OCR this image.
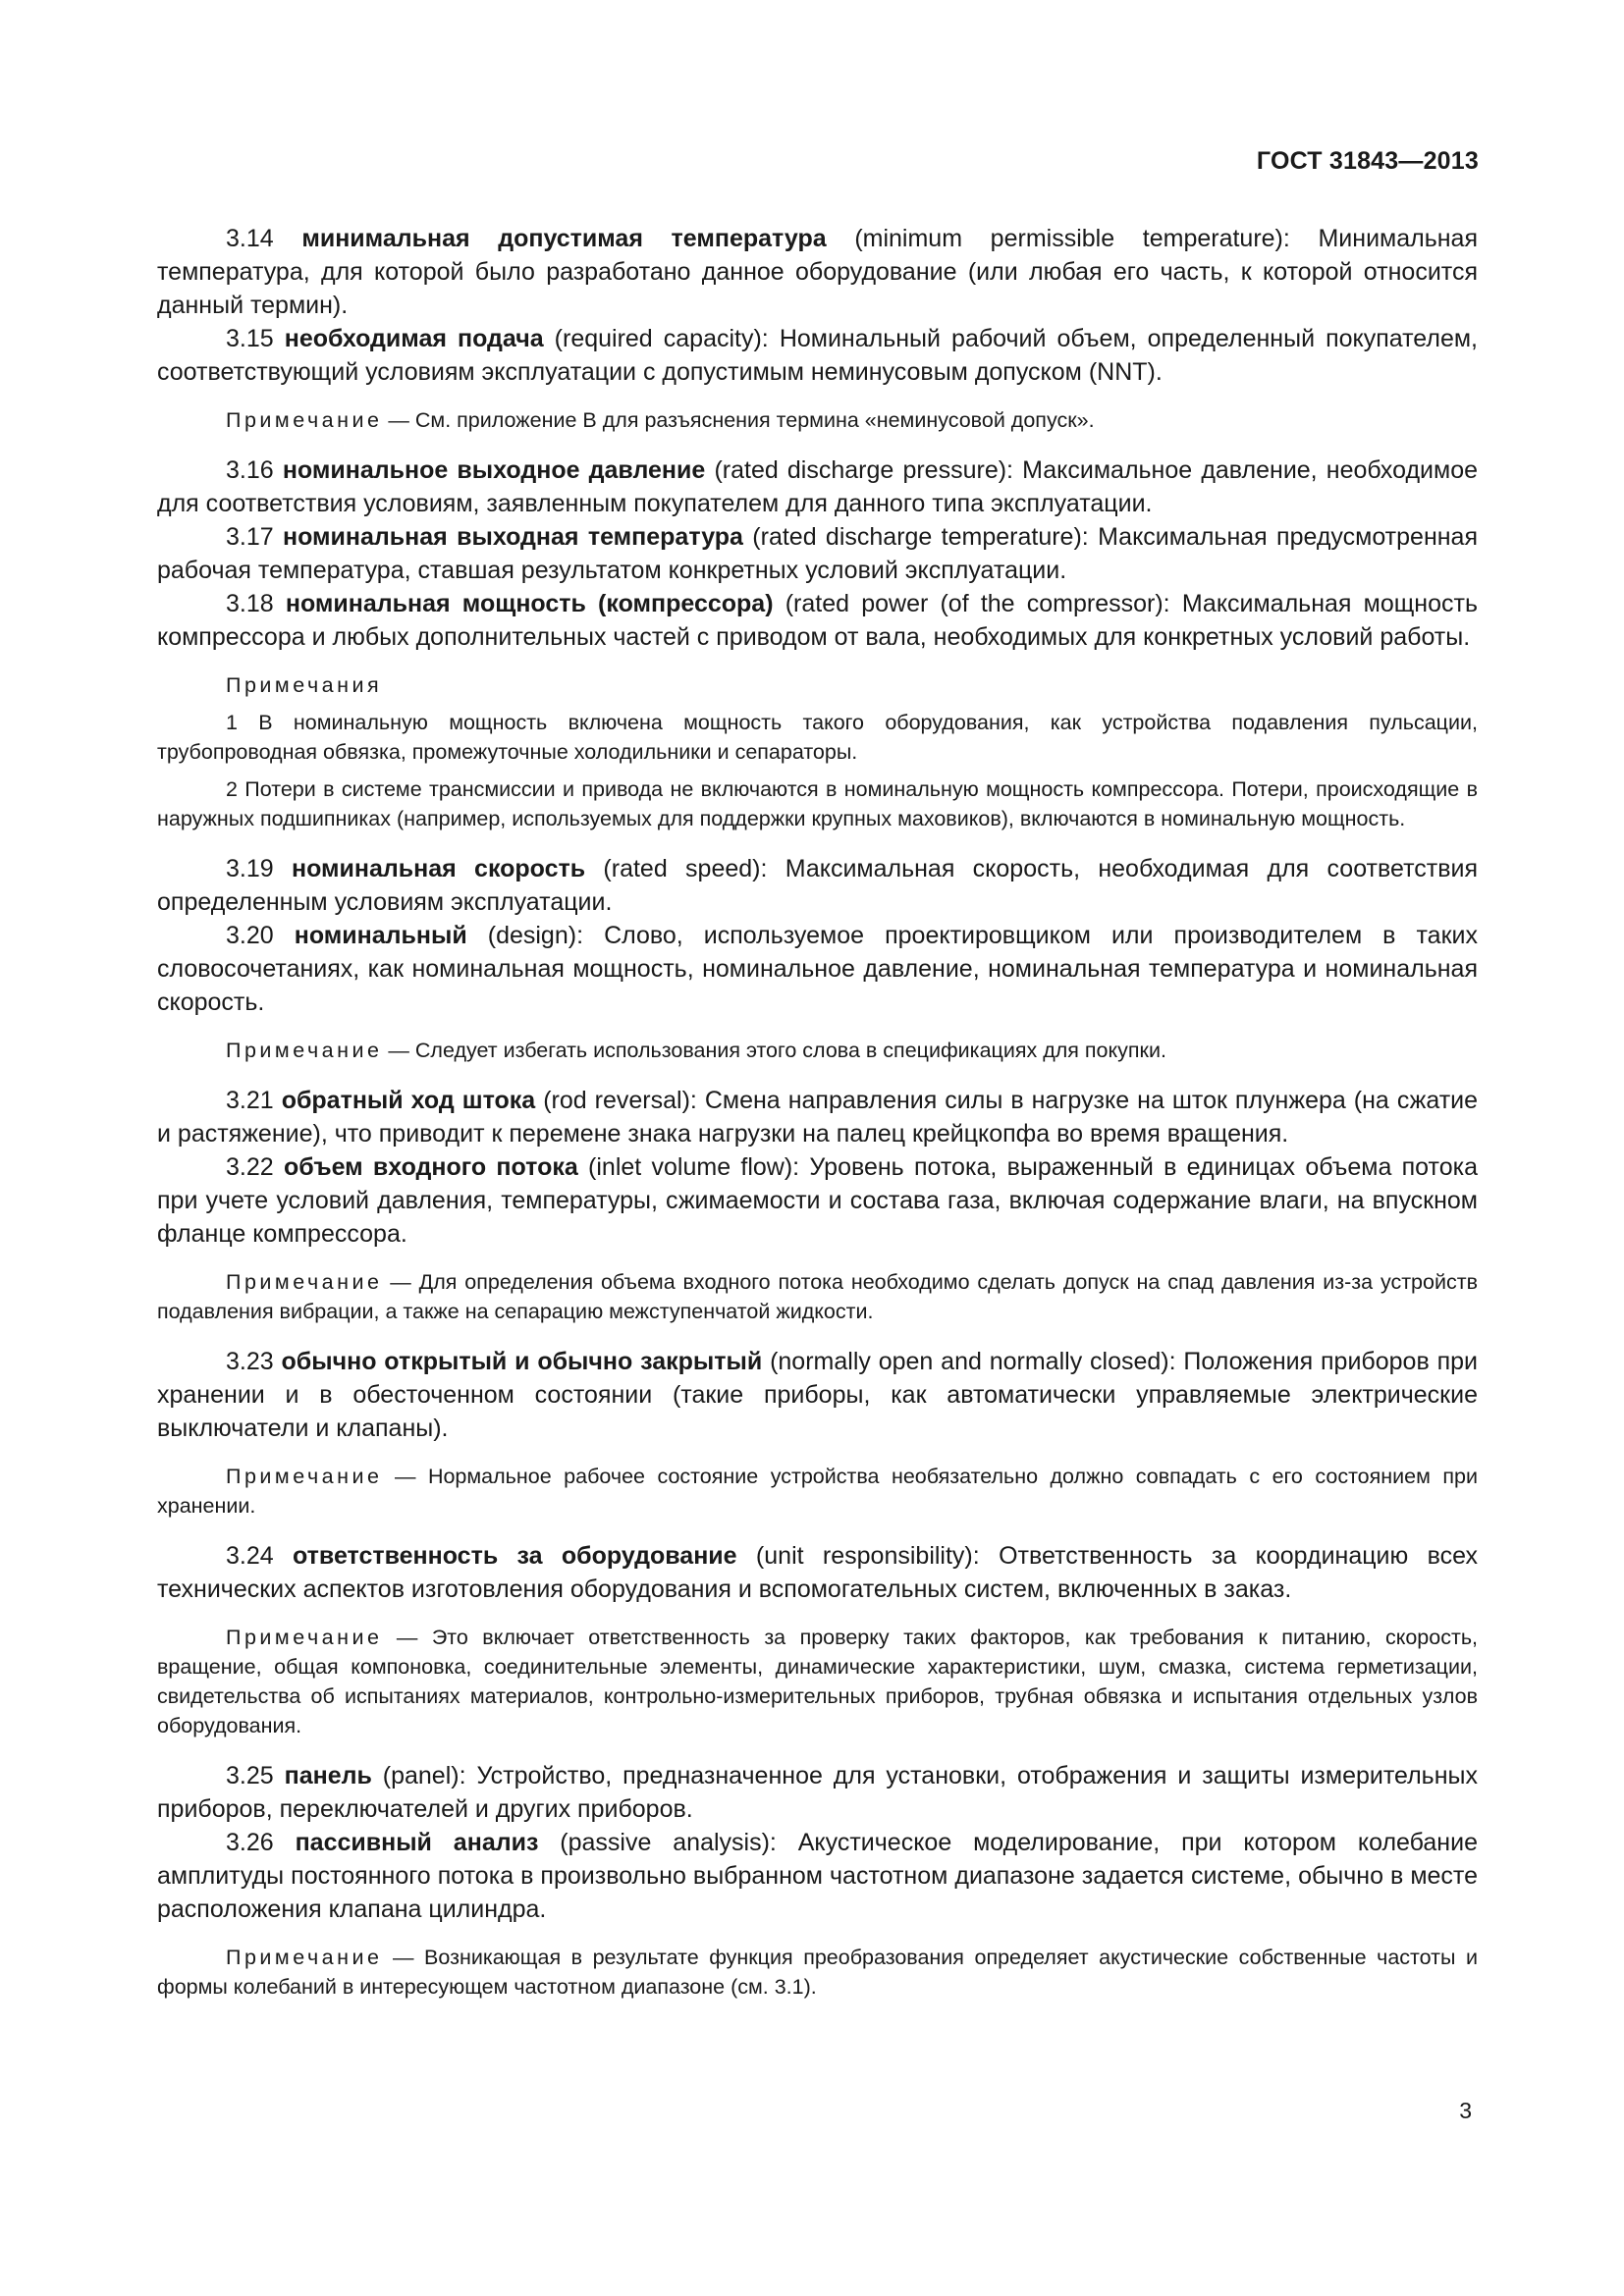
ГОСТ 31843—2013

3.14 минимальная допустимая температура (minimum permissible temperature): Минимальная температура, для которой было разработано данное оборудование (или любая его часть, к которой относится данный термин).

3.15 необходимая подача (required capacity): Номинальный рабочий объем, определенный покупателем, соответствующий условиям эксплуатации с допустимым неминусовым допуском (NNT).

Примечание — См. приложение В для разъяснения термина «неминусовой допуск».

3.16 номинальное выходное давление (rated discharge pressure): Максимальное давление, необходимое для соответствия условиям, заявленным покупателем для данного типа эксплуатации.

3.17 номинальная выходная температура (rated discharge temperature): Максимальная предусмотренная рабочая температура, ставшая результатом конкретных условий эксплуатации.

3.18 номинальная мощность (компрессора) (rated power (of the compressor): Максимальная мощность компрессора и любых дополнительных частей с приводом от вала, необходимых для конкретных условий работы.

Примечания

1 В номинальную мощность включена мощность такого оборудования, как устройства подавления пульсации, трубопроводная обвязка, промежуточные холодильники и сепараторы.

2 Потери в системе трансмиссии и привода не включаются в номинальную мощность компрессора. Потери, происходящие в наружных подшипниках (например, используемых для поддержки крупных маховиков), включаются в номинальную мощность.

3.19 номинальная скорость (rated speed): Максимальная скорость, необходимая для соответствия определенным условиям эксплуатации.

3.20 номинальный (design): Слово, используемое проектировщиком или производителем в таких словосочетаниях, как номинальная мощность, номинальное давление, номинальная температура и номинальная скорость.

Примечание — Следует избегать использования этого слова в спецификациях для покупки.

3.21 обратный ход штока (rod reversal): Смена направления силы в нагрузке на шток плунжера (на сжатие и растяжение), что приводит к перемене знака нагрузки на палец крейцкопфа во время вращения.

3.22 объем входного потока (inlet volume flow): Уровень потока, выраженный в единицах объема потока при учете условий давления, температуры, сжимаемости и состава газа, включая содержание влаги, на впускном фланце компрессора.

Примечание — Для определения объема входного потока необходимо сделать допуск на спад давления из-за устройств подавления вибрации, а также на сепарацию межступенчатой жидкости.

3.23 обычно открытый и обычно закрытый (normally open and normally closed): Положения приборов при хранении и в обесточенном состоянии (такие приборы, как автоматически управляемые электрические выключатели и клапаны).

Примечание — Нормальное рабочее состояние устройства необязательно должно совпадать с его состоянием при хранении.

3.24 ответственность за оборудование (unit responsibility): Ответственность за координацию всех технических аспектов изготовления оборудования и вспомогательных систем, включенных в заказ.

Примечание — Это включает ответственность за проверку таких факторов, как требования к питанию, скорость, вращение, общая компоновка, соединительные элементы, динамические характеристики, шум, смазка, система герметизации, свидетельства об испытаниях материалов, контрольно-измерительных приборов, трубная обвязка и испытания отдельных узлов оборудования.

3.25 панель (panel): Устройство, предназначенное для установки, отображения и защиты измерительных приборов, переключателей и других приборов.

3.26 пассивный анализ (passive analysis): Акустическое моделирование, при котором колебание амплитуды постоянного потока в произвольно выбранном частотном диапазоне задается системе, обычно в месте расположения клапана цилиндра.

Примечание — Возникающая в результате функция преобразования определяет акустические собственные частоты и формы колебаний в интересующем частотном диапазоне (см. 3.1).

3
